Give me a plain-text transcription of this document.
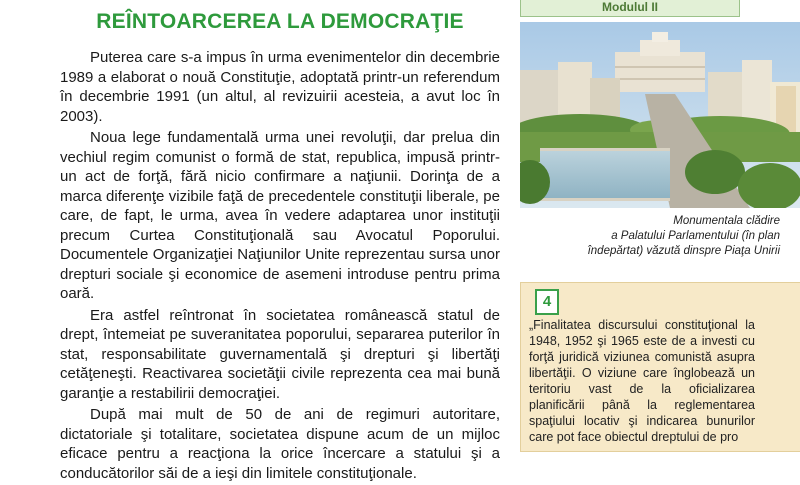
REÎNTOARCEREA LA DEMOCRAŢIE

Puterea care s-a impus în urma evenimentelor din decembrie 1989 a elaborat o nouă Constituţie, adoptată printr-un referendum în decembrie 1991 (un altul, al revizuirii acesteia, a avut loc în 2003).

Noua lege fundamentală urma unei revoluţii, dar prelua din vechiul regim comunist o formă de stat, republica, impusă printr-un act de forţă, fără nicio confirmare a naţiunii. Dorinţa de a marca diferenţe vizibile faţă de precedentele constituţii liberale, pe care, de fapt, le urma, avea în vedere adaptarea unor instituţii precum Curtea Constituţională sau Avocatul Poporului. Documentele Organizaţiei Naţiunilor Unite reprezentau sursa unor drepturi sociale şi economice de asemeni introduse pentru prima oară.

Era astfel reîntronat în societatea românească statul de drept, întemeiat pe suveranitatea poporului, separarea puterilor în stat, responsabilitate guvernamentală şi drepturi şi libertăţi cetăţeneşti. Reactivarea societăţii civile reprezenta cea mai bună garanţie a restabilirii democraţiei.

După mai mult de 50 de ani de regimuri autoritare, dictatoriale şi totalitare, societatea dispune acum de un mijloc eficace pentru a reacţiona la orice încercare a statului şi a conducătorilor săi de a ieşi din limitele constituţionale.

Modulul II
Monumentala clădire
a Palatului Parlamentului (în plan
îndepărtat) văzută dinspre Piaţa Unirii
4
„Finalitatea discursului constituţional la 1948, 1952 şi 1965 este de a investi cu forţă juridică viziunea comunistă asupra libertăţii. O viziune care înglobează un teritoriu vast de la oficializarea planificării până la reglementarea spaţiului locativ şi indicarea bunurilor care pot face obiectul dreptului de pro
